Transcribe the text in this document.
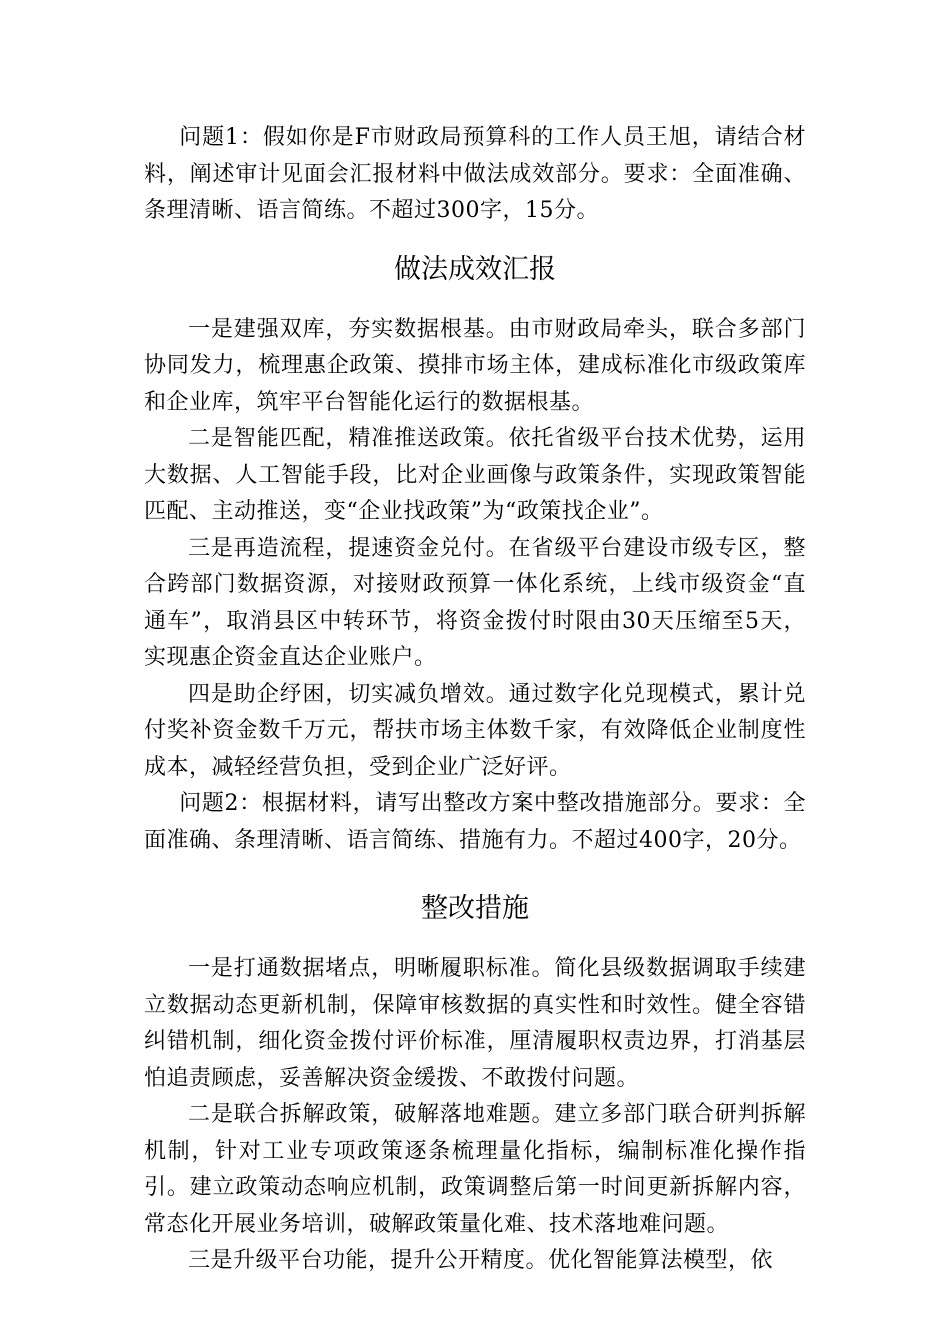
问题1：假如你是F市财政局预算科的工作人员王旭，请结合材料，阐述审计见面会汇报材料中做法成效部分。要求：全面准确、条理清晰、语言简练。不超过300字，15分。

做法成效汇报

一是建强双库，夯实数据根基。由市财政局牵头，联合多部门协同发力，梳理惠企政策、摸排市场主体，建成标准化市级政策库和企业库，筑牢平台智能化运行的数据根基。

二是智能匹配，精准推送政策。依托省级平台技术优势，运用大数据、人工智能手段，比对企业画像与政策条件，实现政策智能匹配、主动推送，变“企业找政策”为“政策找企业”。

三是再造流程，提速资金兑付。在省级平台建设市级专区，整合跨部门数据资源，对接财政预算一体化系统，上线市级资金“直通车”，取消县区中转环节，将资金拨付时限由30天压缩至5天，实现惠企资金直达企业账户。

四是助企纾困，切实减负增效。通过数字化兑现模式，累计兑付奖补资金数千万元，帮扶市场主体数千家，有效降低企业制度性成本，减轻经营负担，受到企业广泛好评。

问题2：根据材料，请写出整改方案中整改措施部分。要求：全面准确、条理清晰、语言简练、措施有力。不超过400字，20分。

整改措施

一是打通数据堵点，明晰履职标准。简化县级数据调取手续建立数据动态更新机制，保障审核数据的真实性和时效性。健全容错纠错机制，细化资金拨付评价标准，厘清履职权责边界，打消基层怕追责顾虑，妥善解决资金缓拨、不敢拨付问题。

二是联合拆解政策，破解落地难题。建立多部门联合研判拆解机制，针对工业专项政策逐条梳理量化指标，编制标准化操作指引。建立政策动态响应机制，政策调整后第一时间更新拆解内容，常态化开展业务培训，破解政策量化难、技术落地难问题。

三是升级平台功能，提升公开精度。优化智能算法模型，依
